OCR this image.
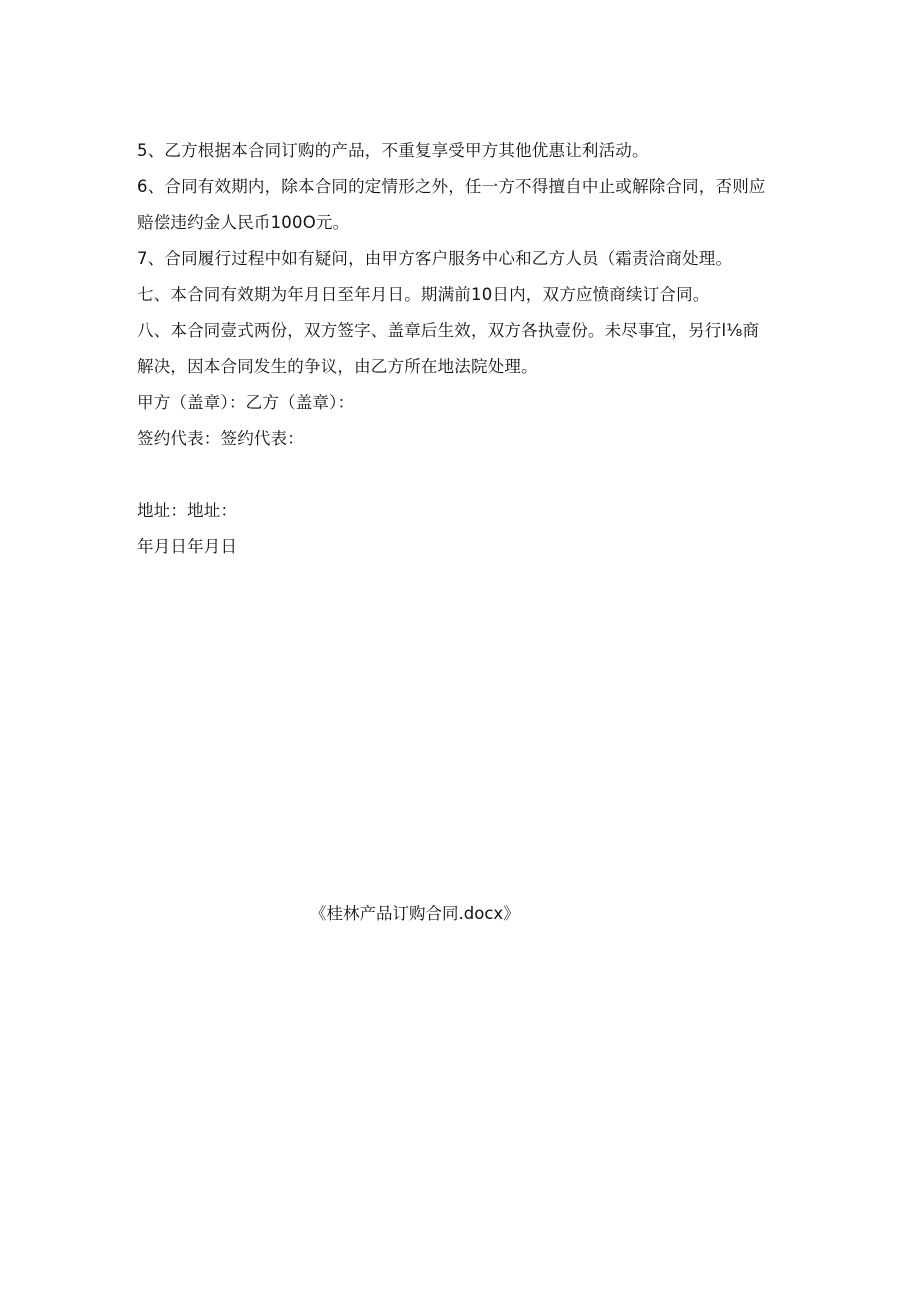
5、乙方根据本合同订购的产品，不重复享受甲方其他优惠让利活动。
6、合同有效期内，除本合同的定情形之外，任一方不得擅自中止或解除合同，否则应
赔偿违约金人民币100O元。
7、合同履行过程中如有疑问，由甲方客户服务中心和乙方人员（霜责洽商处理。
七、本合同有效期为年月日至年月日。期满前10日内，双方应愤商续订合同。
八、本合同壹式两份，双方签字、盖章后生效，双方各执壹份。未尽事宜，另行l⅛商
解决，因本合同发生的争议，由乙方所在地法院处理。
甲方（盖章）：乙方（盖章）：
签约代表：签约代表：
地址：地址：
年月日年月日
《桂林产品订购合同.docx》
